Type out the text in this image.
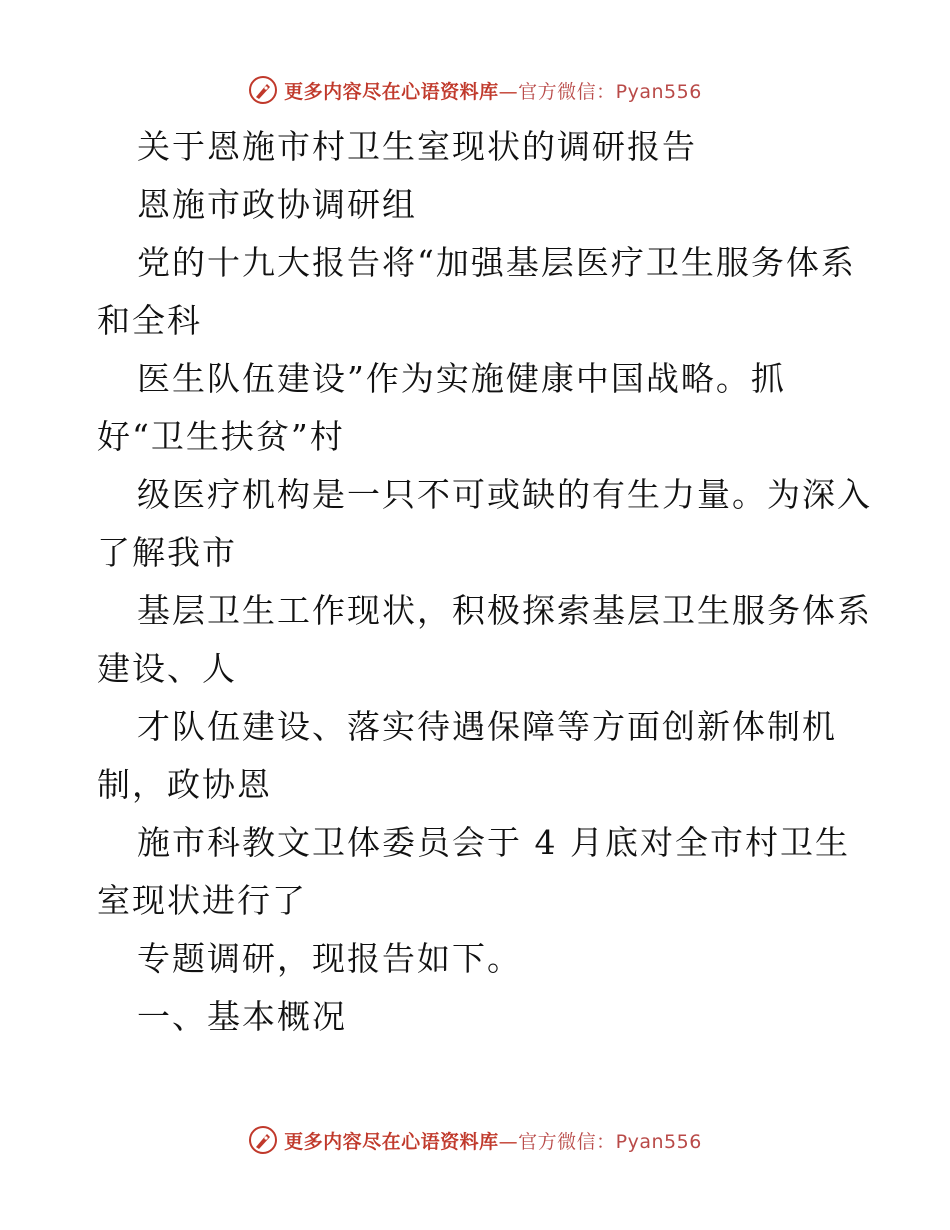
更多内容尽在心语资料库—官方微信：Pyan556
关于恩施市村卫生室现状的调研报告
恩施市政协调研组
党的十九大报告将“加强基层医疗卫生服务体系
和全科
医生队伍建设”作为实施健康中国战略。抓
好“卫生扶贫”村
级医疗机构是一只不可或缺的有生力量。为深入
了解我市
基层卫生工作现状，积极探索基层卫生服务体系
建设、人
才队伍建设、落实待遇保障等方面创新体制机
制，政协恩
施市科教文卫体委员会于 4 月底对全市村卫生
室现状进行了
专题调研，现报告如下。
一、基本概况
更多内容尽在心语资料库—官方微信：Pyan556
